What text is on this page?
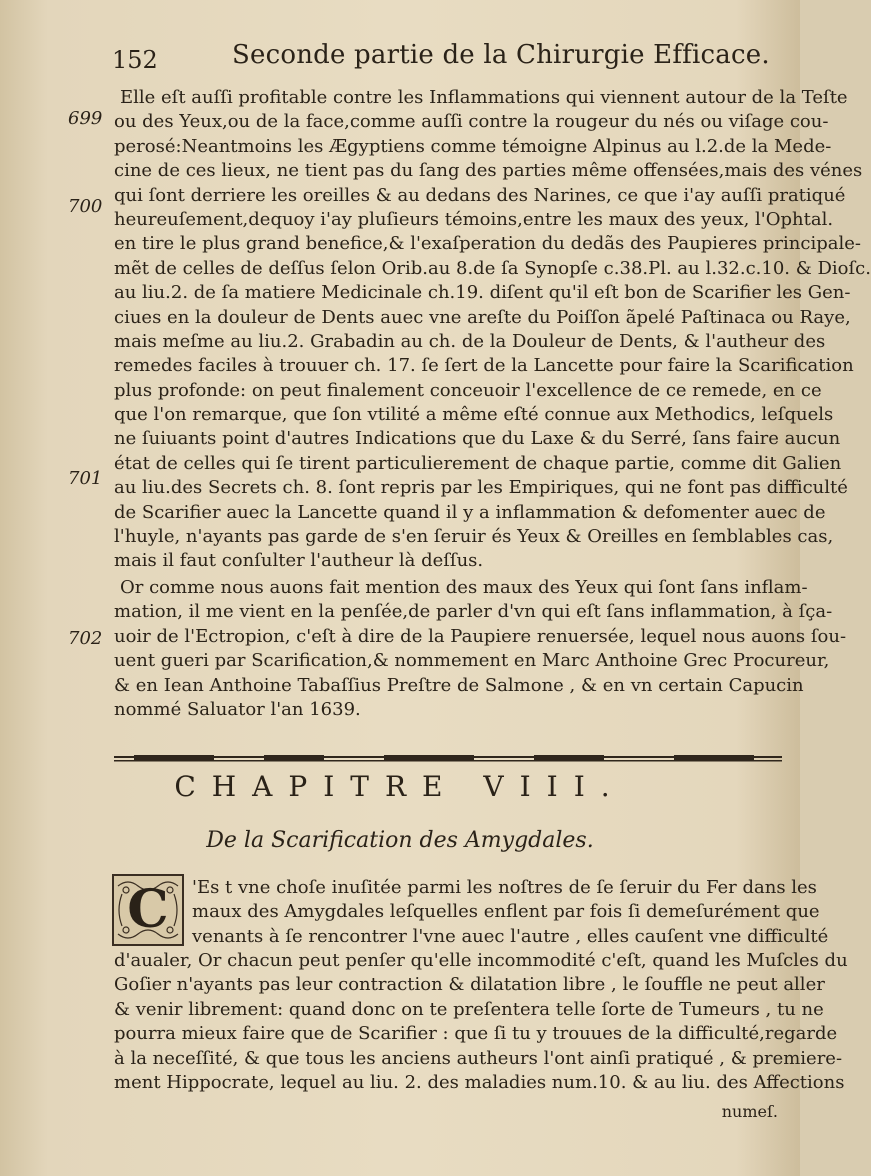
152	Seconde partie de la Chirurgie Efficace.
699
700
701
702
Elle eſt auſſi profitable contre les Inflammations qui viennent autour de la Teſte
ou des Yeux,ou de la face,comme auſſi contre la rougeur du nés ou viſage cou-
perosé:Neantmoins les Ægyptiens comme témoigne Alpinus au l.2.de la Mede-
cine de ces lieux, ne tient pas du ſang des parties même offensées,mais des vénes
qui ſont derriere les oreilles & au dedans des Narines, ce que i'ay auſſi pratiqué
heureuſement,dequoy i'ay pluſieurs témoins,entre les maux des yeux, l'Ophtal.
en tire le plus grand benefice,& l'exaſperation du dedãs des Paupieres principale-
mẽt de celles de deſſus ſelon Orib.au 8.de ſa Synopſe c.38.Pl. au l.32.c.10. & Dioſc.
au liu.2. de ſa matiere Medicinale ch.19. diſent qu'il eſt bon de Scarifier les Gen-
ciues en la douleur de Dents auec vne areſte du Poiſſon ãpelé Paſtinaca ou Raye,
mais meſme au liu.2. Grabadin au ch. de la Douleur de Dents, & l'autheur des
remedes faciles à trouuer ch. 17. ſe ſert de la Lancette pour faire la Scarification
plus profonde: on peut finalement conceuoir l'excellence de ce remede, en ce
que l'on remarque, que ſon vtilité a même eſté connue aux Methodics, leſquels
ne ſuiuants point d'autres Indications que du Laxe & du Serré, ſans faire aucun
état de celles qui ſe tirent particulierement de chaque partie, comme dit Galien
au liu.des Secrets ch. 8. ſont repris par les Empiriques, qui ne font pas difficulté
de Scarifier auec la Lancette quand il y a inflammation & defomenter auec de
l'huyle, n'ayants pas garde de s'en ſeruir és Yeux & Oreilles en ſemblables cas,
mais il faut conſulter l'autheur là deſſus.
Or comme nous auons fait mention des maux des Yeux qui ſont ſans inflam-
mation, il me vient en la penſée,de parler d'vn qui eſt ſans inflammation, à ſça-
uoir de l'Ectropion, c'eſt à dire de la Paupiere renuersée, lequel nous auons ſou-
uent gueri par Scarification,& nommement en Marc Anthoine Grec Procureur,
& en Iean Anthoine Tabaſſius Preſtre de Salmone , & en vn certain Capucin
nommé Saluator l'an 1639.
CHAPITRE VIII.
De la Scarification des Amygdales.
C	'Es t vne choſe inuſitée parmi les noſtres de ſe ſeruir du Fer dans les
maux des Amygdales leſquelles enflent par fois ſi demeſurément que
venants à ſe rencontrer l'vne auec l'autre , elles cauſent vne difficulté
d'aualer, Or chacun peut penſer qu'elle incommodité c'eſt, quand les Muſcles du
Goſier n'ayants pas leur contraction & dilatation libre , le ſouffle ne peut aller
& venir librement: quand donc on te preſentera telle ſorte de Tumeurs , tu ne
pourra mieux faire que de Scarifier : que ſi tu y trouues de la difficulté,regarde
à la neceſſité, & que tous les anciens autheurs l'ont ainſi pratiqué , & premiere-
ment Hippocrate, lequel au liu. 2. des maladies num.10. & au liu. des Affections
numeſ.
